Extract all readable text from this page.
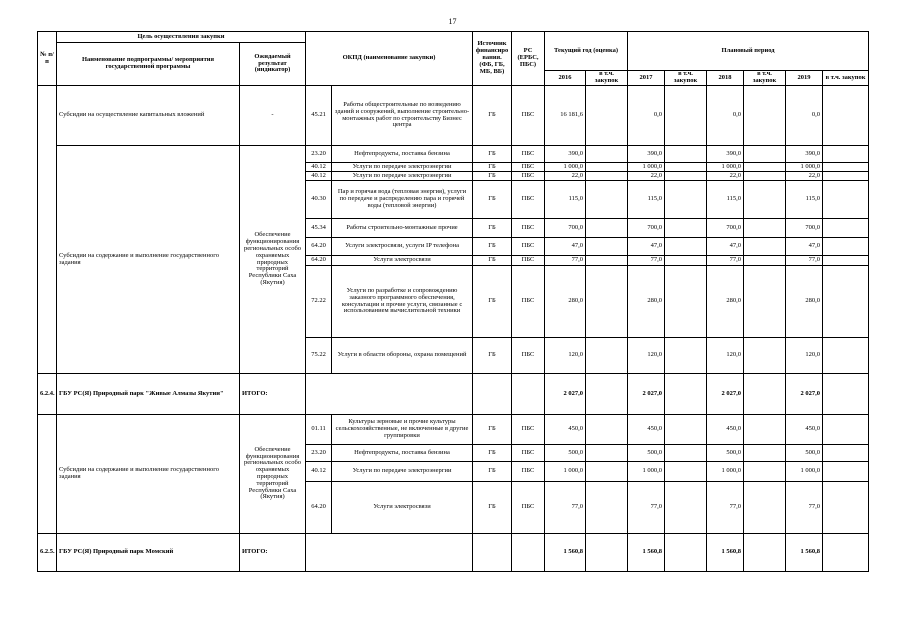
17
№ п/п	Цель осуществления закупки		ОКПД (наименование закупки)		Источник финансиро вания. (ФБ, ГБ, МБ, ВБ)	РС (ЕРБС, ПБС)	Текущий год (оценка)		Плановый период					
	Наименование подпрограммы/ мероприятия государственной программы	Ожидаемый результат (индикатор)												
							2016	в т.ч. закупок	2017	в т.ч. закупок	2018	в т.ч. закупок	2019	в т.ч. закупок
	Субсидии на осуществление капитальных вложений	-	45.21	Работы общестроительные по возведению зданий и сооружений, выполнение строительно-монтажных работ по строительству Бизнес центра	ГБ	ПБС	16 181,6		0,0		0,0		0,0	
	Субсидии на содержание и выполнение государственного задания	Обеспечение функционирования региональных особо охраняемых природных территорий Республики Саха (Якутия)	23.20	Нефтепродукты, поставка бензина	ГБ	ПБС	390,0		390,0		390,0		390,0	
			40.12	Услуги по передаче электроэнергии	ГБ	ПБС	1 000,0		1 000,0		1 000,0		1 000,0	
			40.12	Услуги по передаче электроэнергии	ГБ	ПБС	22,0		22,0		22,0		22,0	
			40.30	Пар и горячая вода (тепловая энергия), услуги по передаче и распределению пара и горячей воды (тепловой энергии)	ГБ	ПБС	115,0		115,0		115,0		115,0	
			45.34	Работы строительно-монтажные прочие	ГБ	ПБС	700,0		700,0		700,0		700,0	
			64.20	Услуги электросвязи, услуги IP телефона	ГБ	ПБС	47,0		47,0		47,0		47,0	
			64.20	Услуги электросвязи	ГБ	ПБС	77,0		77,0		77,0		77,0	
			72.22	Услуги по разработке и сопровождению заказного программного обеспечения, консультации и прочие услуги, связанные с использованием вычислительной техники	ГБ	ПБС	280,0		280,0		280,0		280,0	
			75.22	Услуги в области обороны, охрана помещений	ГБ	ПБС	120,0		120,0		120,0		120,0	
6.2.4.	ГБУ РС(Я) Природный парк "Живые Алмазы Якутии"	ИТОГО:					2 027,0		2 027,0		2 027,0		2 027,0	
	Субсидии на содержание и выполнение государственного задания	Обеспечение функционирования региональных особо охраняемых природных территорий Республики Саха (Якутия)	01.11	Культуры зерновые и прочие культуры сельскохозяйственные, не включенные в другие группировки	ГБ	ПБС	450,0		450,0		450,0		450,0	
			23.20	Нефтепродукты, поставка бензина	ГБ	ПБС	500,0		500,0		500,0		500,0	
			40.12	Услуги по передаче электроэнергии	ГБ	ПБС	1 000,0		1 000,0		1 000,0		1 000,0	
			64.20	Услуги электросвязи	ГБ	ПБС	77,0		77,0		77,0		77,0	
6.2.5.	ГБУ РС(Я) Природный парк Момский	ИТОГО:					1 560,8		1 560,8		1 560,8		1 560,8	
